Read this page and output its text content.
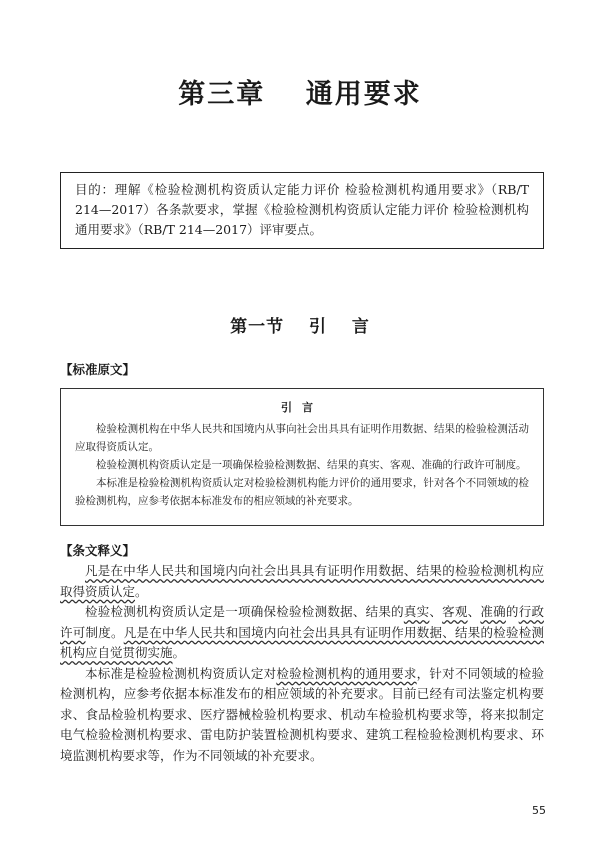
第三章　 通用要求
目的：理解《检验检测机构资质认定能力评价 检验检测机构通用要求》（RB/T 214—2017）各条款要求，掌握《检验检测机构资质认定能力评价 检验检测机构通用要求》（RB/T 214—2017）评审要点。
第一节　 引　 言
【标准原文】
引言

检验检测机构在中华人民共和国境内从事向社会出具具有证明作用数据、结果的检验检测活动应取得资质认定。

检验检测机构资质认定是一项确保检验检测数据、结果的真实、客观、准确的行政许可制度。

本标准是检验检测机构资质认定对检验检测机构能力评价的通用要求，针对各个不同领域的检验检测机构，应参考依据本标准发布的相应领域的补充要求。

【条文释义】

凡是在中华人民共和国境内向社会出具具有证明作用数据、结果的检验检测机构应取得资质认定。

检验检测机构资质认定是一项确保检验检测数据、结果的真实、客观、准确的行政许可制度。凡是在中华人民共和国境内向社会出具具有证明作用数据、结果的检验检测机构应自觉贯彻实施。

本标准是检验检测机构资质认定对检验检测机构的通用要求，针对不同领域的检验检测机构，应参考依据本标准发布的相应领域的补充要求。目前已经有司法鉴定机构要求、食品检验机构要求、医疗器械检验机构要求、机动车检验机构要求等，将来拟制定电气检验检测机构要求、雷电防护装置检测机构要求、建筑工程检验检测机构要求、环境监测机构要求等，作为不同领域的补充要求。

55
